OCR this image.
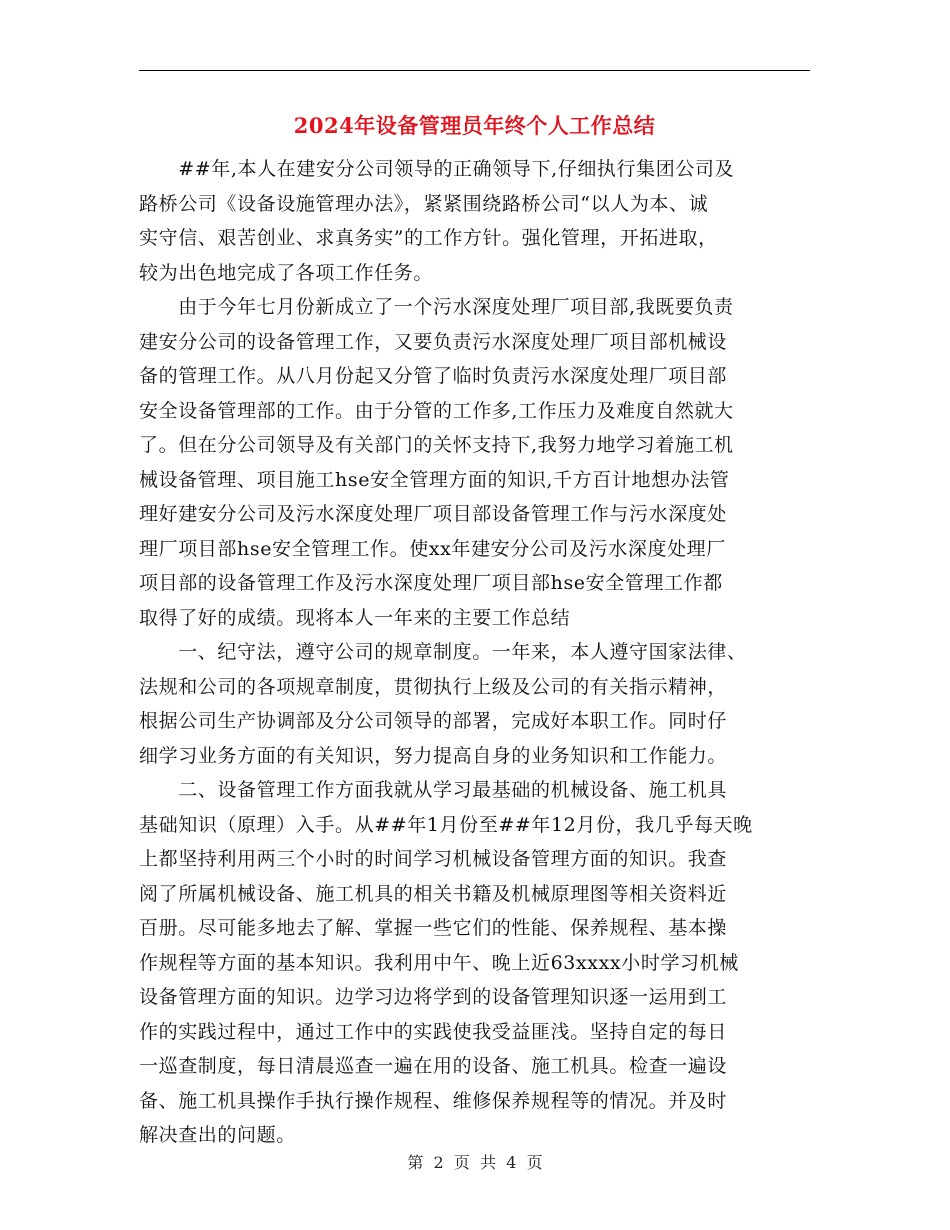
2024年设备管理员年终个人工作总结
　　##年,本人在建安分公司领导的正确领导下,仔细执行集团公司及
路桥公司《设备设施管理办法》，紧紧围绕路桥公司“以人为本、诚
实守信、艰苦创业、求真务实”的工作方针。强化管理，开拓进取，
较为出色地完成了各项工作任务。
　　由于今年七月份新成立了一个污水深度处理厂项目部,我既要负责
建安分公司的设备管理工作，又要负责污水深度处理厂项目部机械设
备的管理工作。从八月份起又分管了临时负责污水深度处理厂项目部
安全设备管理部的工作。由于分管的工作多,工作压力及难度自然就大
了。但在分公司领导及有关部门的关怀支持下,我努力地学习着施工机
械设备管理、项目施工hse安全管理方面的知识,千方百计地想办法管
理好建安分公司及污水深度处理厂项目部设备管理工作与污水深度处
理厂项目部hse安全管理工作。使xx年建安分公司及污水深度处理厂
项目部的设备管理工作及污水深度处理厂项目部hse安全管理工作都
取得了好的成绩。现将本人一年来的主要工作总结
　　一、纪守法，遵守公司的规章制度。一年来，本人遵守国家法律、
法规和公司的各项规章制度，贯彻执行上级及公司的有关指示精神，
根据公司生产协调部及分公司领导的部署，完成好本职工作。同时仔
细学习业务方面的有关知识，努力提高自身的业务知识和工作能力。
　　二、设备管理工作方面我就从学习最基础的机械设备、施工机具
基础知识（原理）入手。从##年1月份至##年12月份，我几乎每天晚
上都坚持利用两三个小时的时间学习机械设备管理方面的知识。我查
阅了所属机械设备、施工机具的相关书籍及机械原理图等相关资料近
百册。尽可能多地去了解、掌握一些它们的性能、保养规程、基本操
作规程等方面的基本知识。我利用中午、晚上近63xxxx小时学习机械
设备管理方面的知识。边学习边将学到的设备管理知识逐一运用到工
作的实践过程中，通过工作中的实践使我受益匪浅。坚持自定的每日
一巡查制度，每日清晨巡查一遍在用的设备、施工机具。检查一遍设
备、施工机具操作手执行操作规程、维修保养规程等的情况。并及时
解决查出的问题。
第  2  页  共  4  页
